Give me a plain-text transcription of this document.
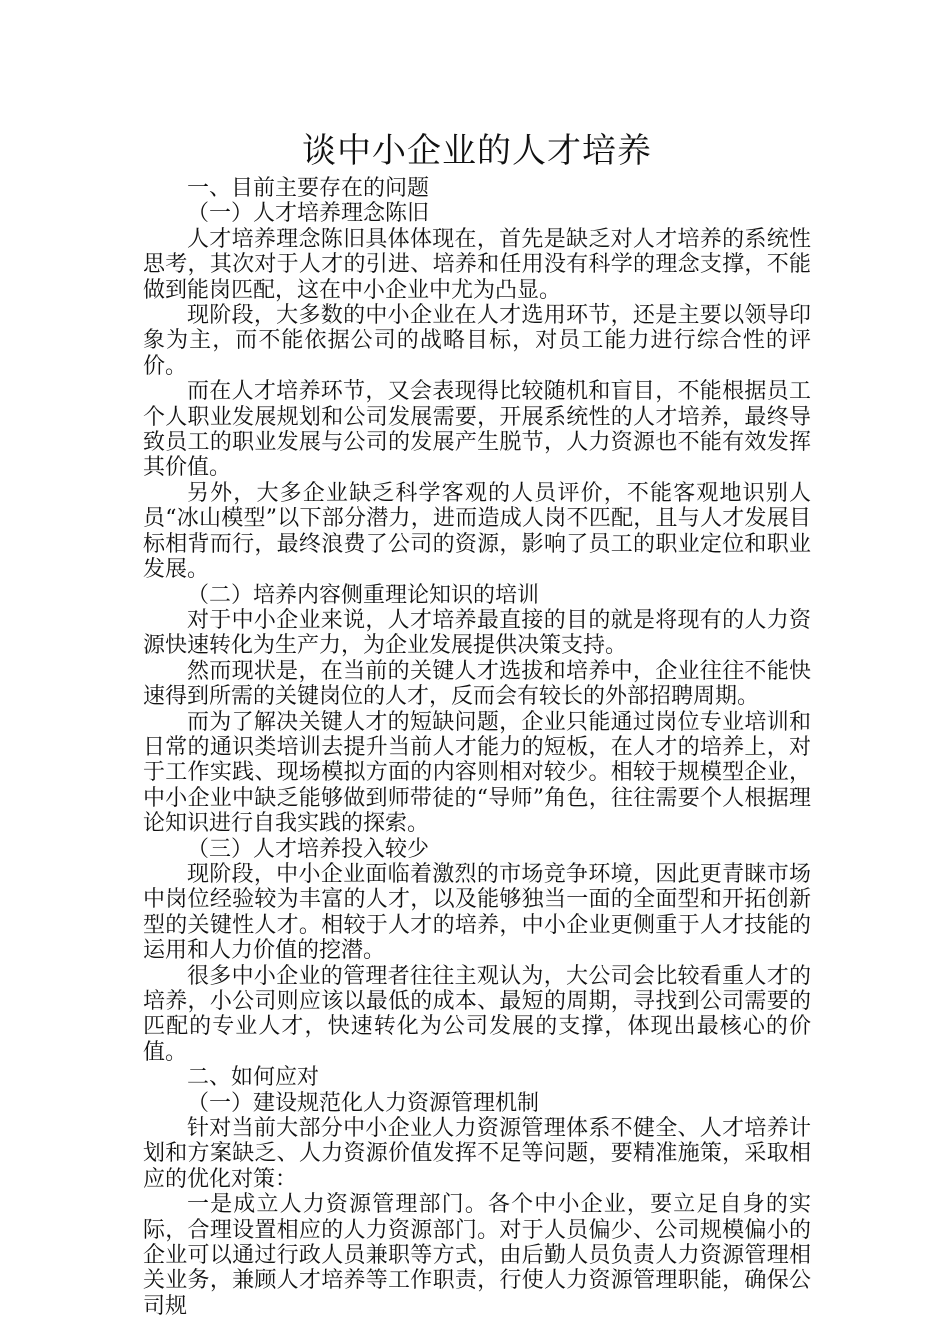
谈中小企业的人才培养

一、目前主要存在的问题

（一）人才培养理念陈旧

人才培养理念陈旧具体体现在，首先是缺乏对人才培养的系统性思考，其次对于人才的引进、培养和任用没有科学的理念支撑，不能做到能岗匹配，这在中小企业中尤为凸显。

现阶段，大多数的中小企业在人才选用环节，还是主要以领导印象为主，而不能依据公司的战略目标，对员工能力进行综合性的评价。

而在人才培养环节，又会表现得比较随机和盲目，不能根据员工个人职业发展规划和公司发展需要，开展系统性的人才培养，最终导致员工的职业发展与公司的发展产生脱节，人力资源也不能有效发挥其价值。

另外，大多企业缺乏科学客观的人员评价，不能客观地识别人员“冰山模型”以下部分潜力，进而造成人岗不匹配，且与人才发展目标相背而行，最终浪费了公司的资源，影响了员工的职业定位和职业发展。

（二）培养内容侧重理论知识的培训

对于中小企业来说，人才培养最直接的目的就是将现有的人力资源快速转化为生产力，为企业发展提供决策支持。

然而现状是，在当前的关键人才选拔和培养中，企业往往不能快速得到所需的关键岗位的人才，反而会有较长的外部招聘周期。

而为了解决关键人才的短缺问题，企业只能通过岗位专业培训和日常的通识类培训去提升当前人才能力的短板，在人才的培养上，对于工作实践、现场模拟方面的内容则相对较少。相较于规模型企业，中小企业中缺乏能够做到师带徒的“导师”角色，往往需要个人根据理论知识进行自我实践的探索。

（三）人才培养投入较少

现阶段，中小企业面临着激烈的市场竞争环境，因此更青睐市场中岗位经验较为丰富的人才，以及能够独当一面的全面型和开拓创新型的关键性人才。相较于人才的培养，中小企业更侧重于人才技能的运用和人力价值的挖潜。

很多中小企业的管理者往往主观认为，大公司会比较看重人才的培养，小公司则应该以最低的成本、最短的周期，寻找到公司需要的匹配的专业人才，快速转化为公司发展的支撑，体现出最核心的价值。

二、如何应对

（一）建设规范化人力资源管理机制

针对当前大部分中小企业人力资源管理体系不健全、人才培养计划和方案缺乏、人力资源价值发挥不足等问题，要精准施策，采取相应的优化对策：

一是成立人力资源管理部门。各个中小企业，要立足自身的实际，合理设置相应的人力资源部门。对于人员偏少、公司规模偏小的企业可以通过行政人员兼职等方式，由后勤人员负责人力资源管理相关业务，兼顾人才培养等工作职责，行使人力资源管理职能，确保公司规
